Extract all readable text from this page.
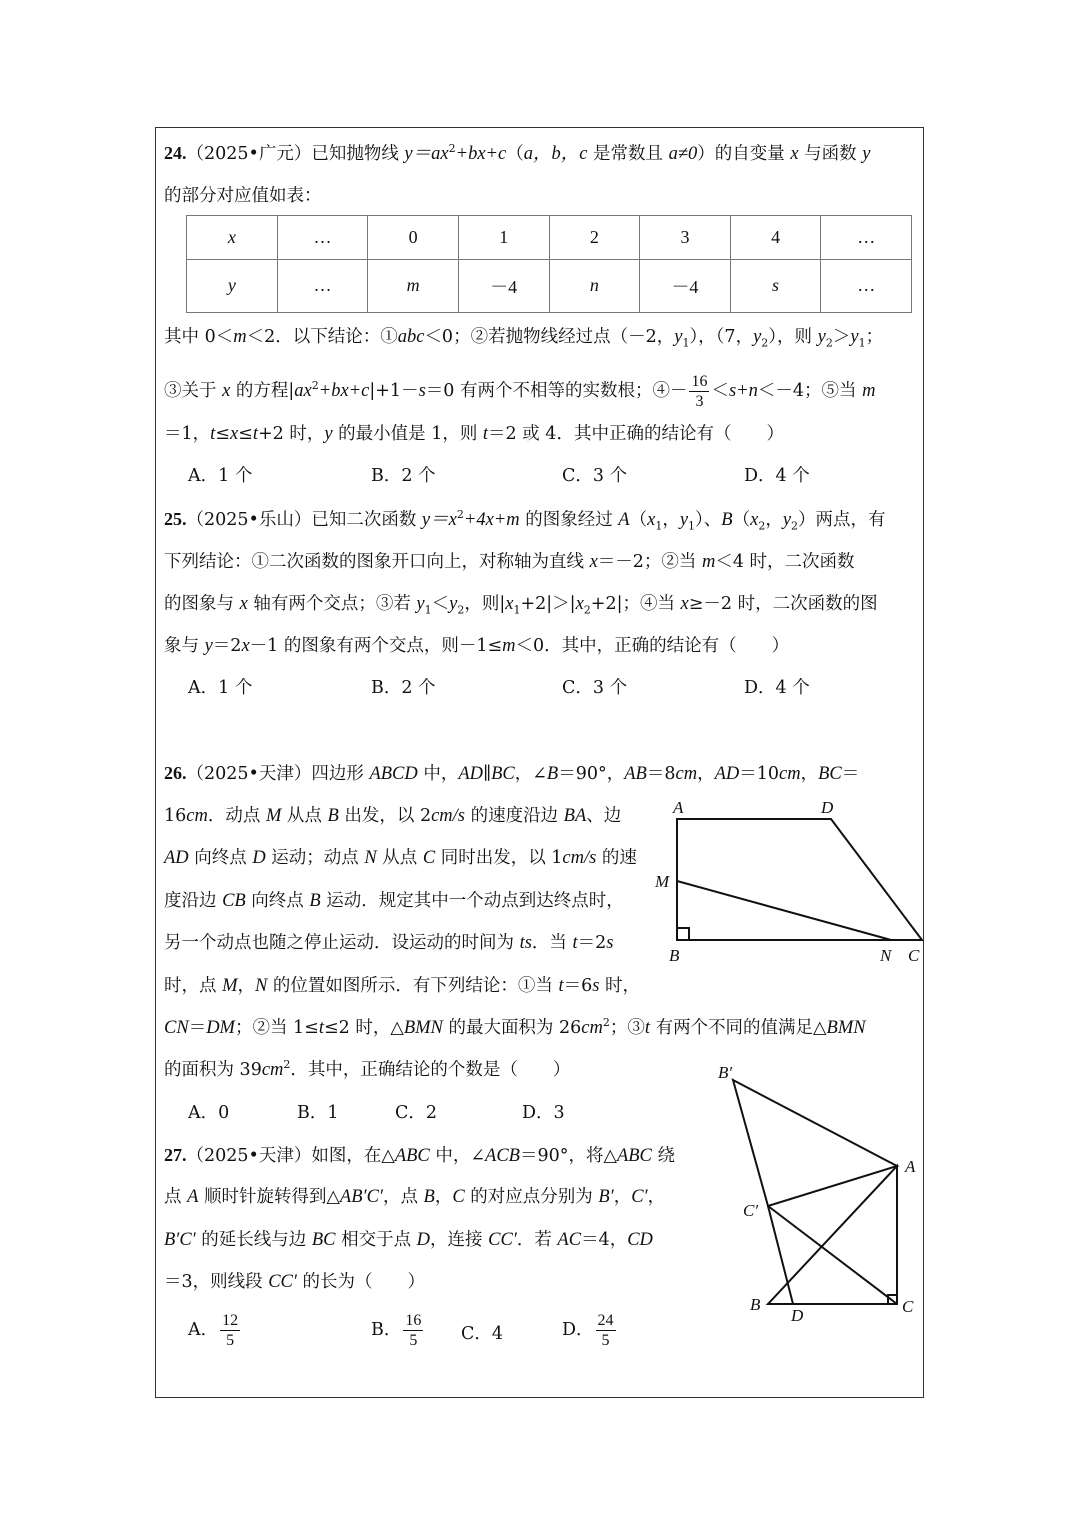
24.（2025•广元）已知抛物线 $y=ax^2+bx+c(a$，b，c 是常数且 a≠0）的自变量 x 与函数 y
的部分对应值如表：
x	…	0	1	2	3	4	…
y	…	m	－4	n	－4	s	…
其中 0＜m＜2．以下结论：①abc＜0；②若抛物线经过点（－2，$y_1$），（7，$y_2$），则 $y_2>y_1$；
③关于 x 的方程$|ax^2+bx+c|+1-s=0$ 有两个不相等的实数根；④－ $\frac{16}{3} <s+n<-4$；⑤当 m
＝1，t≤x≤t+2 时，y 的最小值是 1，则 t＝2 或 4．其中正确的结论有（　　）
A．1 个	B．2 个	C．3 个	D．4 个
25.（2025•乐山）已知二次函数 $y=x^2+4x+m$ 的图象经过 $A(x_1$，$y_1$）、$B(x_2$，$y_2$）两点，有
下列结论：①二次函数的图象开口向上，对称轴为直线 x＝－2；②当 m＜4 时，二次函数
的图象与 x 轴有两个交点；③若 $y_1<y_2$，则$|x_1+2|>|x_2+2|$；④当 x≥－2 时，二次函数的图
象与 y＝2x－1 的图象有两个交点，则－1≤m＜0．其中，正确的结论有（　　）
A．1 个	B．2 个	C．3 个	D．4 个
26.（2025•天津）四边形 ABCD 中，AD∥BC，∠B＝90°，AB＝8cm，AD＝10cm，BC＝
16cm．动点 M 从点 B 出发，以 2cm/s 的速度沿边 BA、边
AD 向终点 D 运动；动点 N 从点 C 同时出发，以 1cm/s 的速
度沿边 CB 向终点 B 运动．规定其中一个动点到达终点时，
另一个动点也随之停止运动．设运动的时间为 ts．当 t＝2s
时，点 M，N 的位置如图所示．有下列结论：①当 t＝6s 时，
CN＝DM；②当 1≤t≤2 时，△BMN 的最大面积为 $26cm^2$；③t 有两个不同的值满足△BMN
的面积为 $39cm^2$．其中，正确结论的个数是（　　）
A．0	B．1	C．2	D．3
A	D
M
B	N C
27.（2025•天津）如图，在△ABC 中，∠ACB＝90°，将△ABC 绕
点 A 顺时针旋转得到△AB′C′，点 B，C 的对应点分别为 B′，C′，
B′C′ 的延长线与边 BC 相交于点 D，连接 CC′．若 AC＝4，CD
＝3，则线段 CC′ 的长为（　　）
A． $\frac{12}{5}$	B． $\frac{16}{5}$ C．4	D． $\frac{24}{5}$
B′
A
C′
B
D	C
